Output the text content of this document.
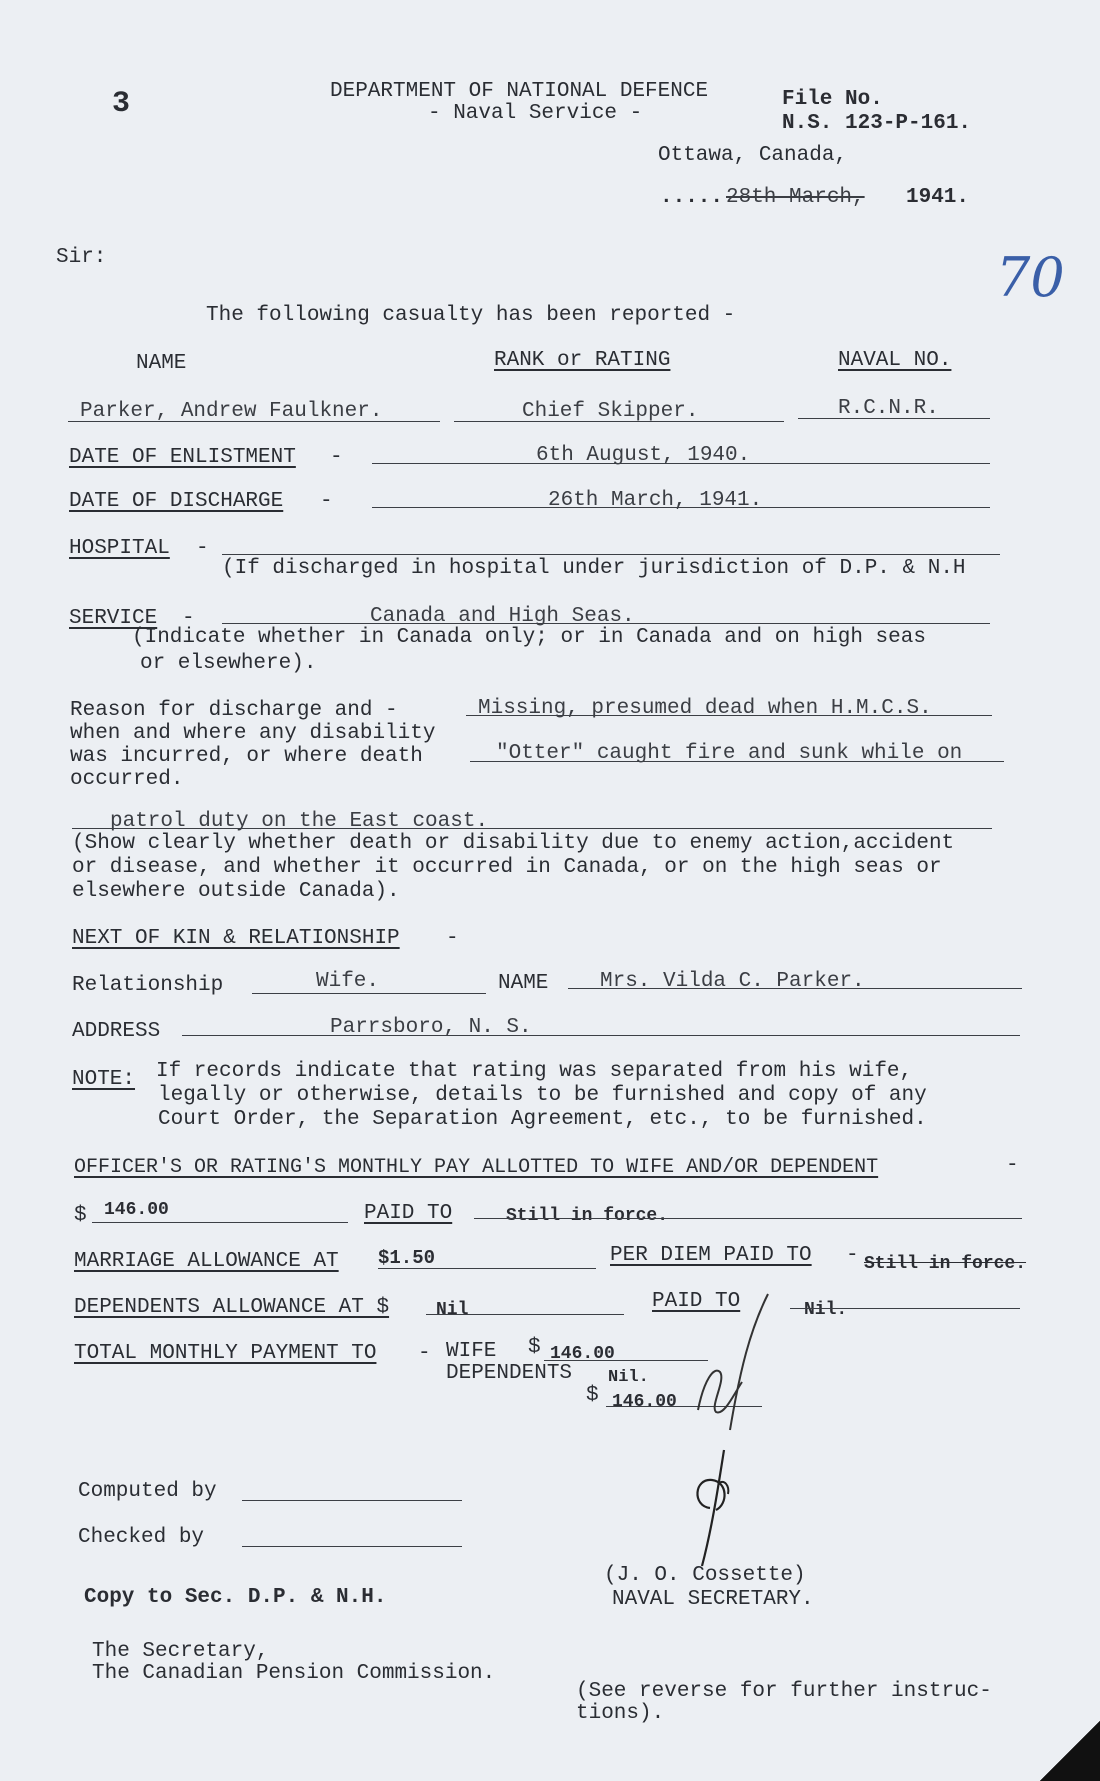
3	DEPARTMENT OF NATIONAL DEFENCE
- Naval Service -
File No.
N.S. 123-P-161.
Ottawa, Canada,
..... 28th March, 1941.
70
Sir:
The following casualty has been reported -
NAME	RANK or RATING	NAVAL NO.
Parker, Andrew Faulkner.	Chief Skipper.	R.C.N.R.
DATE OF ENLISTMENT -	6th August, 1940.
DATE OF DISCHARGE -	26th March, 1941.
HOSPITAL -
(If discharged in hospital under jurisdiction of D.P. & N.H
SERVICE -	Canada and High Seas.
(Indicate whether in Canada only; or in Canada and on high seas
or elsewhere).
Reason for discharge and -
when and where any disability
was incurred, or where death
occurred.
Missing, presumed dead when H.M.C.S.
"Otter" caught fire and sunk while on
patrol duty on the East coast.
(Show clearly whether death or disability due to enemy action,accident
or disease, and whether it occurred in Canada, or on the high seas or
elsewhere outside Canada).
NEXT OF KIN & RELATIONSHIP -
Relationship	Wife.	NAME Mrs. Vilda C. Parker.
ADDRESS	Parrsboro, N. S.
NOTE: If records indicate that rating was separated from his wife,
legally or otherwise, details to be furnished and copy of any
Court Order, the Separation Agreement, etc., to be furnished.
OFFICER'S OR RATING'S MONTHLY PAY ALLOTTED TO WIFE AND/OR DEPENDENT	-
$ 146.00	PAID TO	Still in force.
MARRIAGE ALLOWANCE AT $1.50	PER DIEM PAID TO - Still in force.
DEPENDENTS ALLOWANCE AT $	Nil	PAID TO	Nil.
TOTAL MONTHLY PAYMENT TO - WIFE $ 146.00
DEPENDENTS Nil.
$ 146.00
Computed by
Checked by
Copy to Sec. D.P. & N.H.
The Secretary,
The Canadian Pension Commission.
(J. O. Cossette)
NAVAL SECRETARY.
(See reverse for further instruc-
tions).
